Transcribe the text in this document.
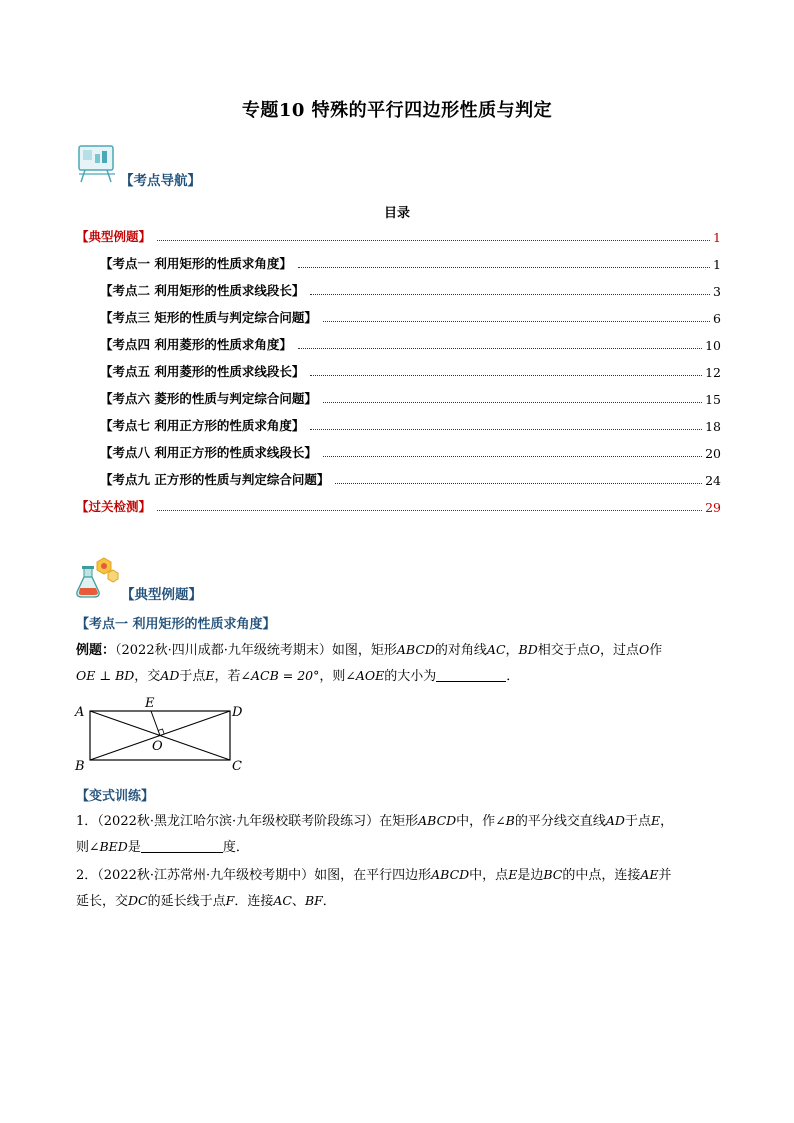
专题10 特殊的平行四边形性质与判定
【考点导航】
目录
【典型例题】	1
【考点一 利用矩形的性质求角度】	1
【考点二 利用矩形的性质求线段长】	3
【考点三 矩形的性质与判定综合问题】	6
【考点四 利用菱形的性质求角度】	10
【考点五 利用菱形的性质求线段长】	12
【考点六 菱形的性质与判定综合问题】	15
【考点七 利用正方形的性质求角度】	18
【考点八 利用正方形的性质求线段长】	20
【考点九 正方形的性质与判定综合问题】	24
【过关检测】	29
【典型例题】
【考点一 利用矩形的性质求角度】
例题：（2022秋·四川成都·九年级统考期末）如图，矩形ABCD的对角线AC，BD相交于点O，过点O作
OE ⊥ BD，交AD于点E，若∠ACB = 20°，则∠AOE的大小为	．
A
B	C
D
E
O
【变式训练】
1．（2022秋·黑龙江哈尔滨·九年级校联考阶段练习）在矩形ABCD中，作∠B的平分线交直线AD于点E，
则∠BED是	度．
2．（2022秋·江苏常州·九年级校考期中）如图，在平行四边形ABCD中，点E是边BC的中点，连接AE并
延长，交DC的延长线于点F．连接AC、BF．
